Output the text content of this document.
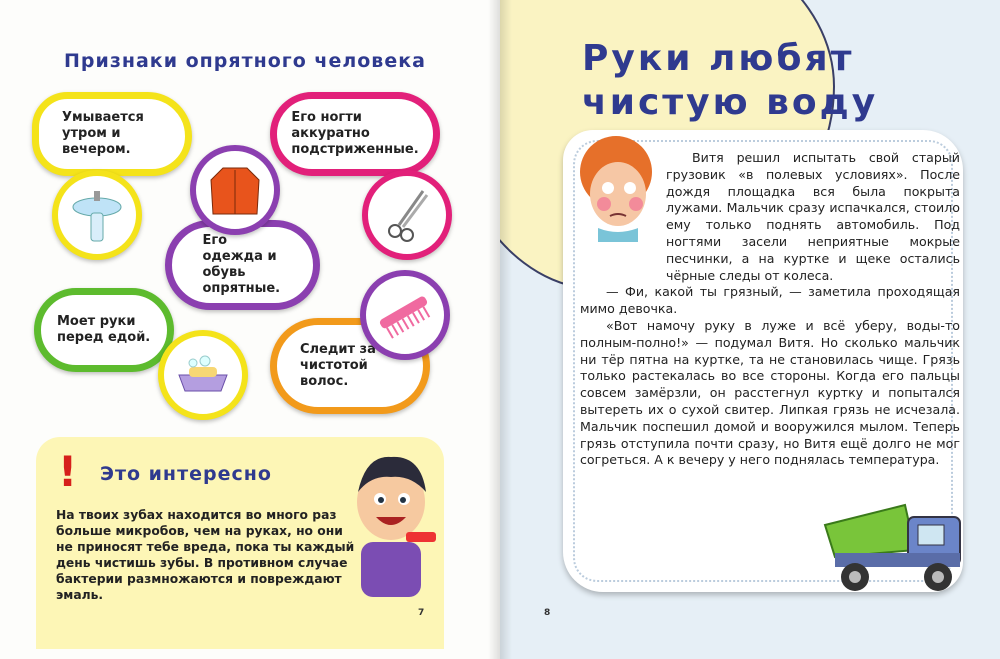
Признаки опрятного человека
Умывается утром и вечером.
Его ногти аккуратно подстриженные.
Его одежда и обувь опрятные.
Моет руки перед едой.
Следит за чистотой волос.
! Это интересно

На твоих зубах находится во много раз больше микробов, чем на руках, но они не приносят тебе вреда, пока ты каждый день чистишь зубы. В противном случае бактерии размножаются и повреждают эмаль.

7
Руки любят
чистую воду

Витя решил испытать свой старый грузовик «в полевых условиях». После дождя площадка вся была покрыта лужами. Мальчик сразу испачкался, стоило ему только поднять автомобиль. Под ногтями засели неприятные мокрые песчинки, а на куртке и щеке остались чёрные следы от колеса.

— Фи, какой ты грязный, — заметила проходящая мимо девочка.

«Вот намочу руку в луже и всё уберу, воды-то полным-полно!» — подумал Витя. Но сколько мальчик ни тёр пятна на куртке, та не становилась чище. Грязь только растекалась во все стороны. Когда его пальцы совсем замёрзли, он расстегнул куртку и попытался вытереть их о сухой свитер. Липкая грязь не исчезала. Мальчик поспешил домой и вооружился мылом. Теперь грязь отступила почти сразу, но Витя ещё долго не мог согреться. А к вечеру у него поднялась температура.

8
